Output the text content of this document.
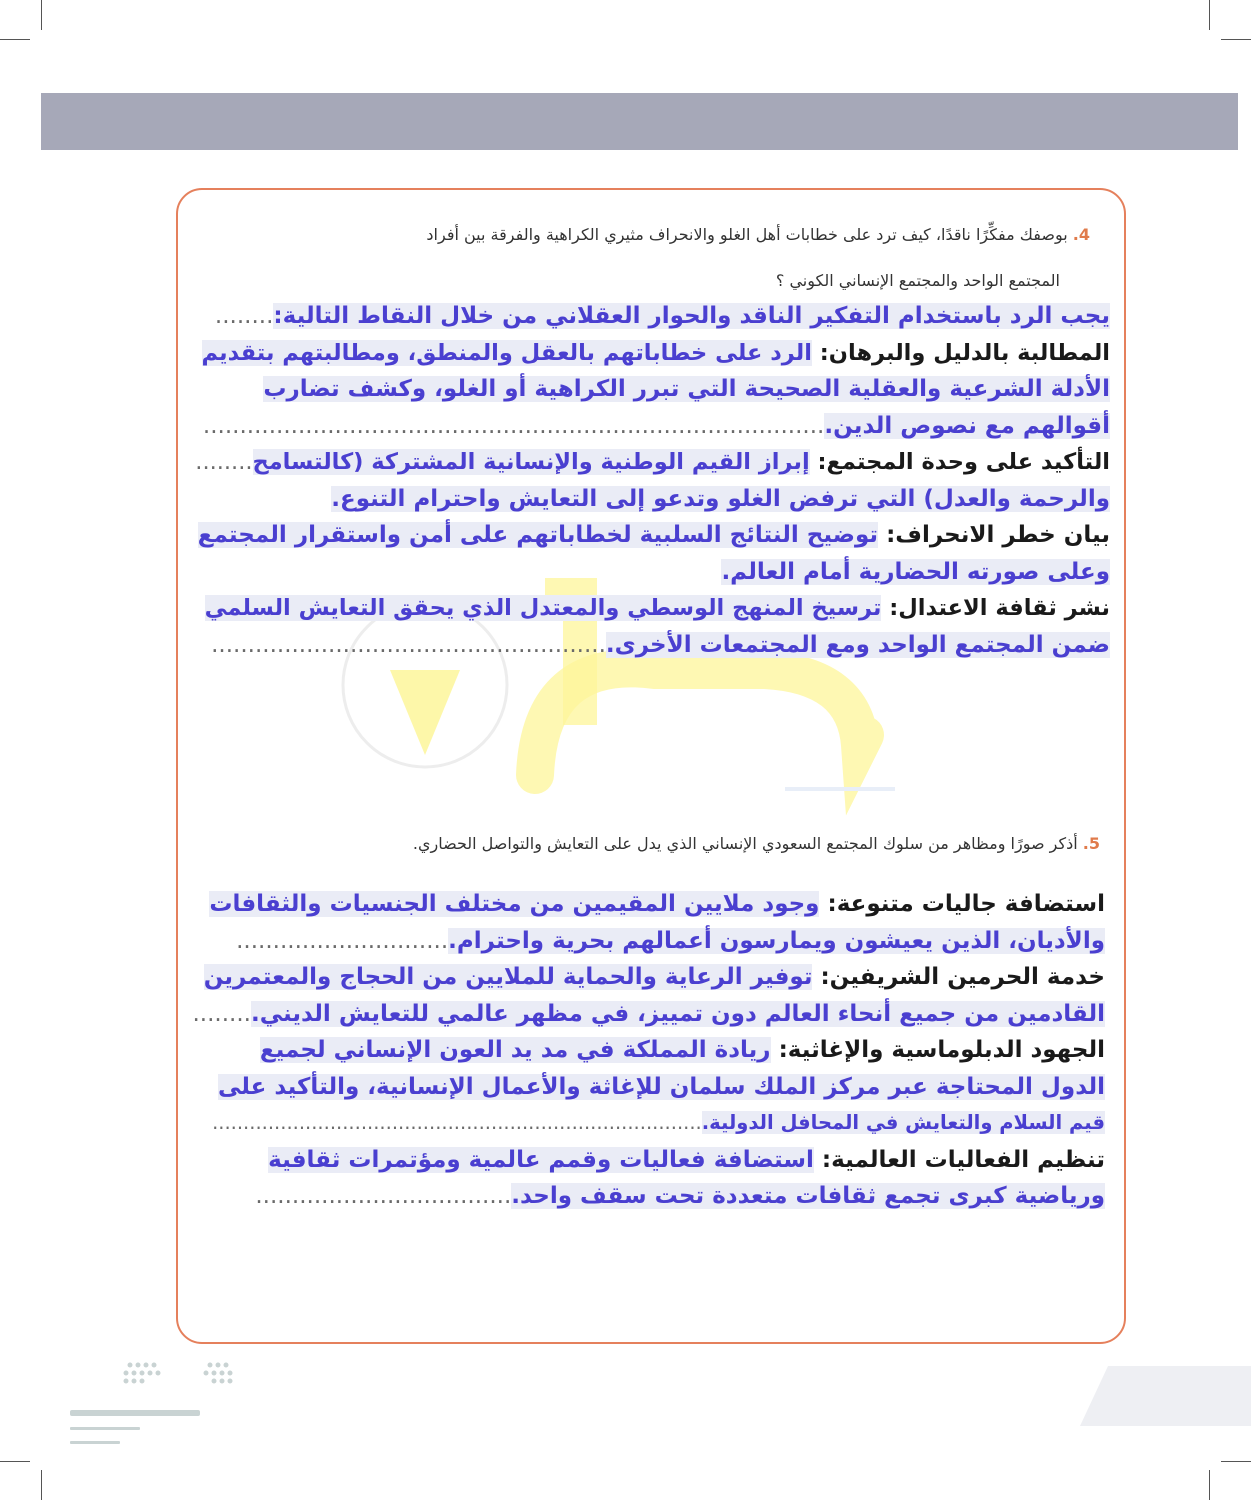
4. بوصفك مفكِّرًا ناقدًا، كيف ترد على خطابات أهل الغلو والانحراف مثيري الكراهية والفرقة بين أفراد
المجتمع الواحد والمجتمع الإنساني الكوني ؟
يجب الرد باستخدام التفكير الناقد والحوار العقلاني من خلال النقاط التالية:........
المطالبة بالدليل والبرهان: الرد على خطاباتهم بالعقل والمنطق، ومطالبتهم بتقديم
الأدلة الشرعية والعقلية الصحيحة التي تبرر الكراهية أو الغلو، وكشف تضارب
أقوالهم مع نصوص الدين......................................................................................
التأكيد على وحدة المجتمع: إبراز القيم الوطنية والإنسانية المشتركة (كالتسامح........
والرحمة والعدل) التي ترفض الغلو وتدعو إلى التعايش واحترام التنوع.
بيان خطر الانحراف: توضيح النتائج السلبية لخطاباتهم على أمن واستقرار المجتمع
وعلى صورته الحضارية أمام العالم.
نشر ثقافة الاعتدال: ترسيخ المنهج الوسطي والمعتدل الذي يحقق التعايش السلمي
ضمن المجتمع الواحد ومع المجتمعات الأخرى.......................................................
5. أذكر صورًا ومظاهر من سلوك المجتمع السعودي الإنساني الذي يدل على التعايش والتواصل الحضاري.
استضافة جاليات متنوعة: وجود ملايين المقيمين من مختلف الجنسيات والثقافات
والأديان، الذين يعيشون ويمارسون أعمالهم بحرية واحترام..............................
خدمة الحرمين الشريفين: توفير الرعاية والحماية للملايين من الحجاج والمعتمرين
القادمين من جميع أنحاء العالم دون تمييز، في مظهر عالمي للتعايش الديني.........
الجهود الدبلوماسية والإغاثية: ريادة المملكة في مد يد العون الإنساني لجميع
الدول المحتاجة عبر مركز الملك سلمان للإغاثة والأعمال الإنسانية، والتأكيد على
قيم السلام والتعايش في المحافل الدولية................................................................................
تنظيم الفعاليات العالمية: استضافة فعاليات وقمم عالمية ومؤتمرات ثقافية
ورياضية كبرى تجمع ثقافات متعددة تحت سقف واحد....................................
